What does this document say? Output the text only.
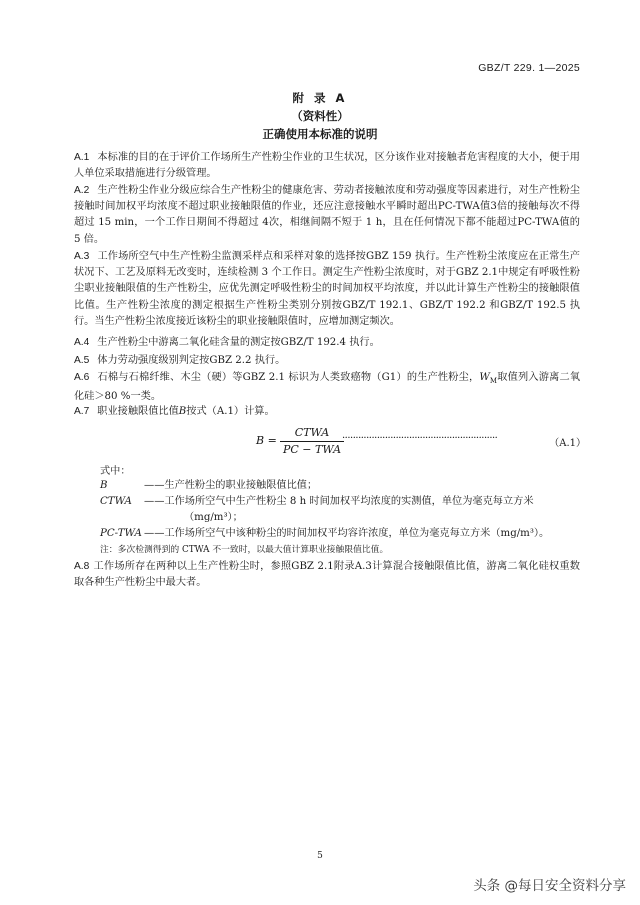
GBZ/T 229. 1—2025
附 录 A
（资料性）
正确使用本标准的说明

A.1 本标准的目的在于评价工作场所生产性粉尘作业的卫生状况，区分该作业对接触者危害程度的大小，便于用人单位采取措施进行分级管理。

A.2 生产性粉尘作业分级应综合生产性粉尘的健康危害、劳动者接触浓度和劳动强度等因素进行，对生产性粉尘接触时间加权平均浓度不超过职业接触限值的作业，还应注意接触水平瞬时超出PC-TWA值3倍的接触每次不得超过 15 min，一个工作日期间不得超过 4次，相继间隔不短于 1 h，且在任何情况下都不能超过PC-TWA值的 5 倍。

A.3 工作场所空气中生产性粉尘监测采样点和采样对象的选择按GBZ 159 执行。生产性粉尘浓度应在正常生产状况下、工艺及原料无改变时，连续检测 3 个工作日。测定生产性粉尘浓度时，对于GBZ 2.1中规定有呼吸性粉尘职业接触限值的生产性粉尘，应优先测定呼吸性粉尘的时间加权平均浓度，并以此计算生产性粉尘的接触限值比值。生产性粉尘浓度的测定根据生产性粉尘类别分别按GBZ/T 192.1、GBZ/T 192.2 和GBZ/T 192.5 执行。当生产性粉尘浓度接近该粉尘的职业接触限值时，应增加测定频次。

A.4 生产性粉尘中游离二氧化硅含量的测定按GBZ/T 192.4 执行。

A.5 体力劳动强度级别判定按GBZ 2.2 执行。

A.6 石棉与石棉纤维、木尘（硬）等GBZ 2.1 标识为人类致癌物（G1）的生产性粉尘，$W_M$取值列入游离二氧化硅＞80 %一类。

A.7 职业接触限值比值B按式（A.1）计算。

B =
CTWA
PC − TWA
··························································	（A.1）
式中：
B	——生产性粉尘的职业接触限值比值；
CTWA ——工作场所空气中生产性粉尘 8 h 时间加权平均浓度的实测值，单位为毫克每立方米
（mg/m³）；
PC-TWA ——工作场所空气中该种粉尘的时间加权平均容许浓度，单位为毫克每立方米（mg/m³）。
注：多次检测得到的 CTWA 不一致时，以最大值计算职业接触限值比值。
A.8 工作场所存在两种以上生产性粉尘时，参照GBZ 2.1附录A.3计算混合接触限值比值，游离二氧化硅权重数取各种生产性粉尘中最大者。
5
头条 @每日安全资料分享
